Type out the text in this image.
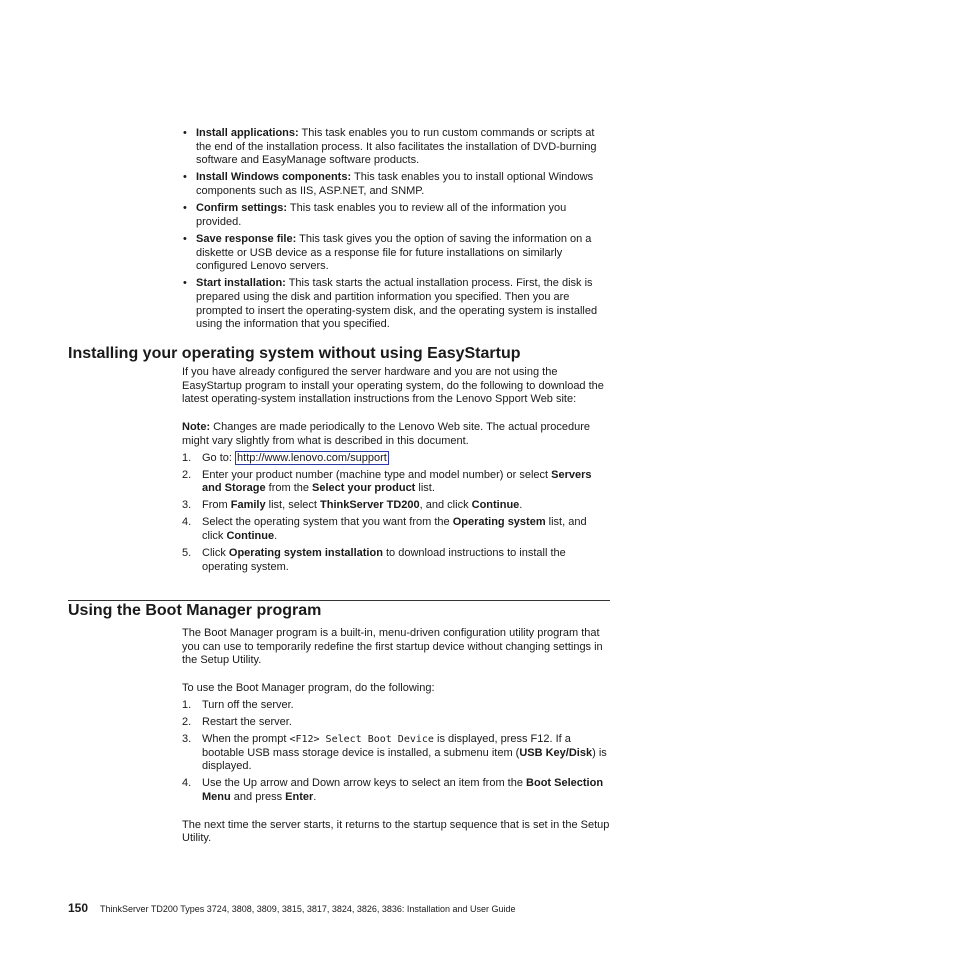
• Install applications: This task enables you to run custom commands or scripts at the end of the installation process. It also facilitates the installation of DVD-burning software and EasyManage software products.
• Install Windows components: This task enables you to install optional Windows components such as IIS, ASP.NET, and SNMP.
• Confirm settings: This task enables you to review all of the information you provided.
• Save response file: This task gives you the option of saving the information on a diskette or USB device as a response file for future installations on similarly configured Lenovo servers.
• Start installation: This task starts the actual installation process. First, the disk is prepared using the disk and partition information you specified. Then you are prompted to insert the operating-system disk, and the operating system is installed using the information that you specified.
Installing your operating system without using EasyStartup

If you have already configured the server hardware and you are not using the EasyStartup program to install your operating system, do the following to download the latest operating-system installation instructions from the Lenovo Spport Web site:

Note: Changes are made periodically to the Lenovo Web site. The actual procedure might vary slightly from what is described in this document.

1. Go to: http://www.lenovo.com/support
2. Enter your product number (machine type and model number) or select Servers and Storage from the Select your product list.
3. From Family list, select ThinkServer TD200, and click Continue.
4. Select the operating system that you want from the Operating system list, and click Continue.
5. Click Operating system installation to download instructions to install the operating system.
Using the Boot Manager program

The Boot Manager program is a built-in, menu-driven configuration utility program that you can use to temporarily redefine the first startup device without changing settings in the Setup Utility.

To use the Boot Manager program, do the following:

1. Turn off the server.
2. Restart the server.
3. When the prompt <F12> Select Boot Device is displayed, press F12. If a bootable USB mass storage device is installed, a submenu item (USB Key/Disk) is displayed.
4. Use the Up arrow and Down arrow keys to select an item from the Boot Selection Menu and press Enter.

The next time the server starts, it returns to the startup sequence that is set in the Setup Utility.

150 ThinkServer TD200 Types 3724, 3808, 3809, 3815, 3817, 3824, 3826, 3836: Installation and User Guide
